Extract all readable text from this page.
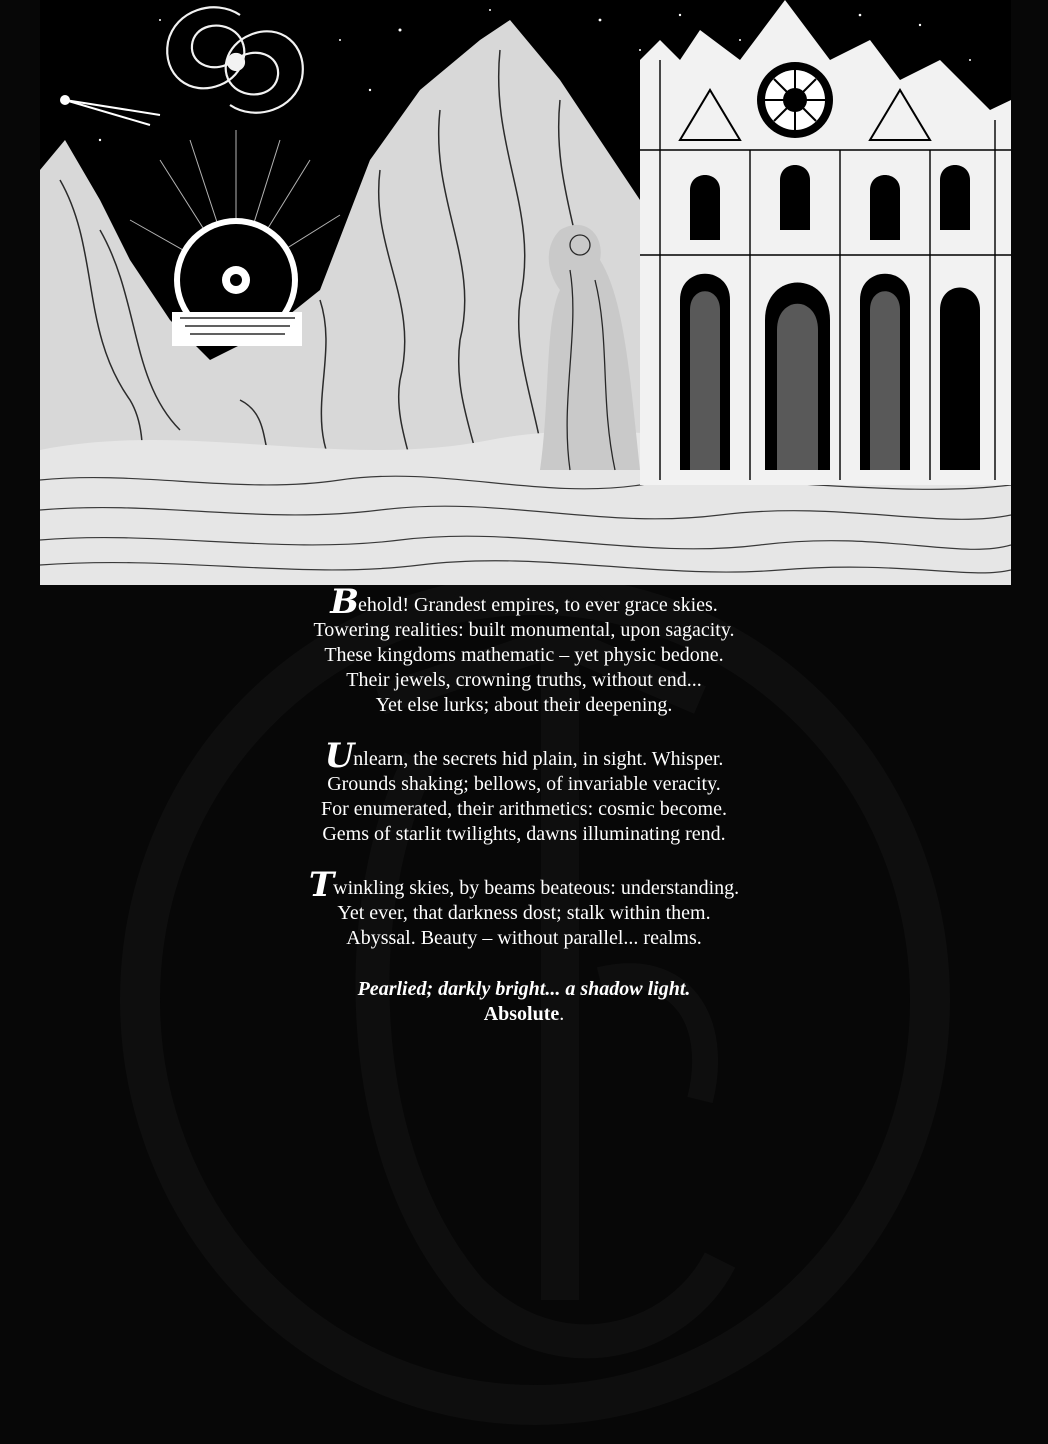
Behold! Grandest empires, to ever grace skies.
Towering realities: built monumental, upon sagacity.
These kingdoms mathematic – yet physic bedone.
Their jewels, crowning truths, without end...
Yet else lurks; about their deepening.
Unlearn, the secrets hid plain, in sight. Whisper.
Grounds shaking; bellows, of invariable veracity.
For enumerated, their arithmetics: cosmic become.
Gems of starlit twilights, dawns illuminating rend.
Twinkling skies, by beams beateous: understanding.
Yet ever, that darkness dost; stalk within them.
Abyssal. Beauty – without parallel... realms.
Pearlied; darkly bright... a shadow light.
Absolute.
